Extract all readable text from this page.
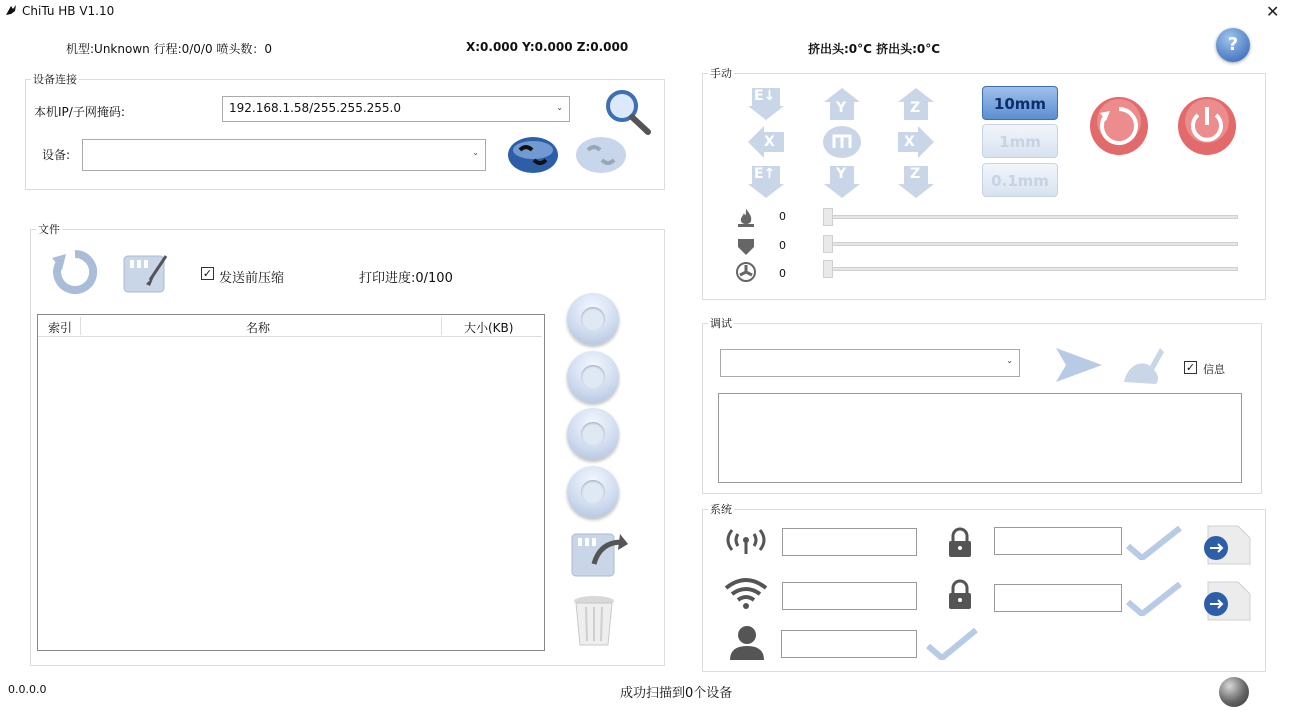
ChiTu HB V1.10	✕
机型:Unknown 行程:0/0/0 喷头数：0	X:0.000 Y:0.000 Z:0.000	挤出头:0°C 挤出头:0°C	?
设备连接
本机IP/子网掩码:	192.168.1.58/255.255.255.0	⌄
设备:	⌄
文件
✓ 发送前压缩	打印进度:0/100
索引	名称	大小(KB)
手动
E↓
Y	Z
X	X
E↑	Y	Z
10mm
1mm
0.1mm
0
0
0
调试
⌄
✓ 信息
系统
0.0.0.0	成功扫描到0个设备
